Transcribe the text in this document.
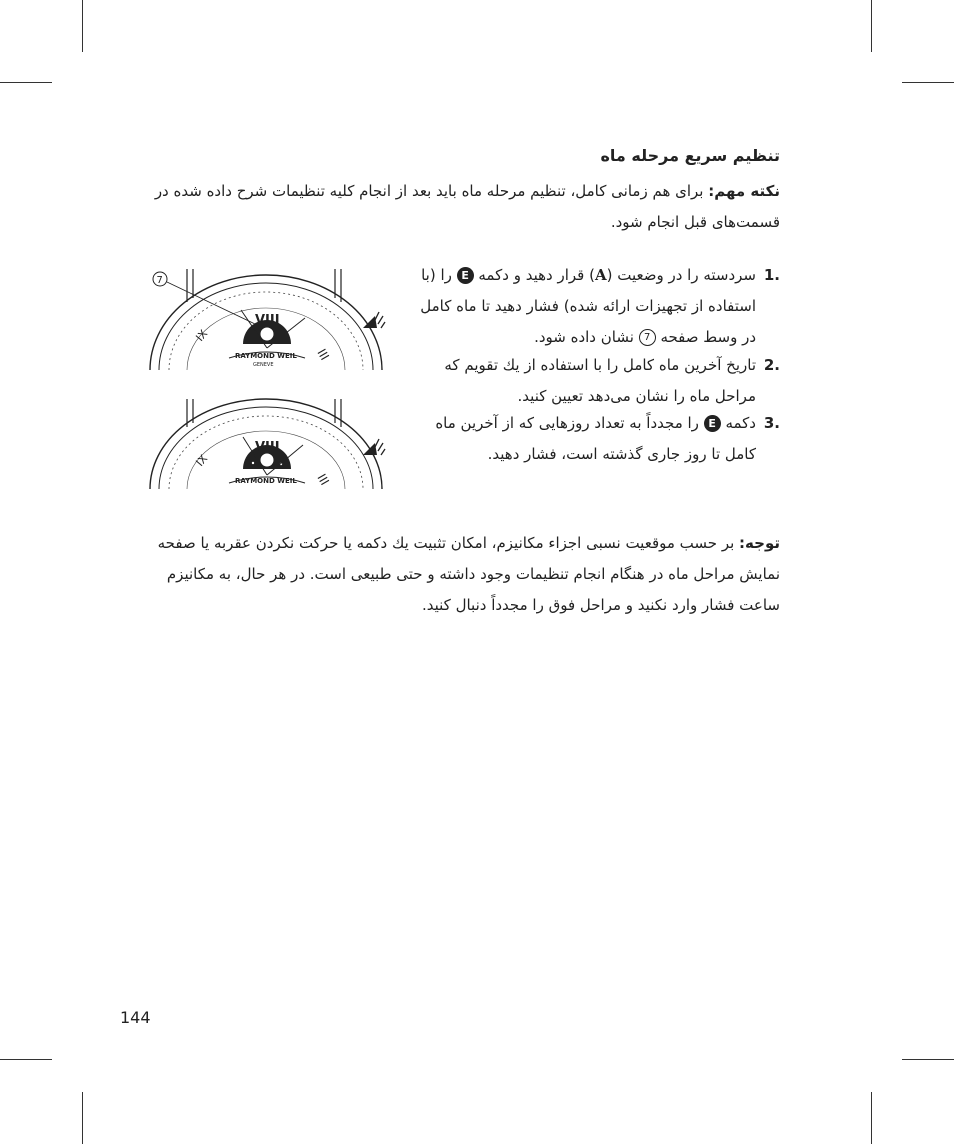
تنظیم سریع مرحله ماه
نکته مهم: برای هم زمانی کامل، تنظیم مرحله ماه باید بعد از انجام کلیه تنظیمات شرح داده شده در قسمت‌های قبل انجام شود.
1.
سردسته را در وضعیت (A) قرار دهید و دکمه E را (با استفاده از تجهیزات ارائه شده) فشار دهید تا ماه کامل در وسط صفحه 7 نشان داده شود.
2.
تاریخ آخرین ماه کامل را با استفاده از یك تقویم که مراحل ماه را نشان می‌دهد تعیین کنید.
3.
دکمه E را مجدداً به تعداد روزهایی که از آخرین ماه کامل تا روز جاری گذشته است، فشار دهید.
VIII
RAYMOND WEIL
GENEVE
III
IX
7
VIII
RAYMOND WEIL III
IX
توجه: بر حسب موقعیت نسبی اجزاء مکانیزم، امکان تثبیت یك دکمه یا حرکت نکردن عقربه یا صفحه نمایش مراحل ماه در هنگام انجام تنظیمات وجود داشته و حتی طبیعی است. در هر حال، به مکانیزم ساعت فشار وارد نکنید و مراحل فوق را مجدداً دنبال کنید.
144
